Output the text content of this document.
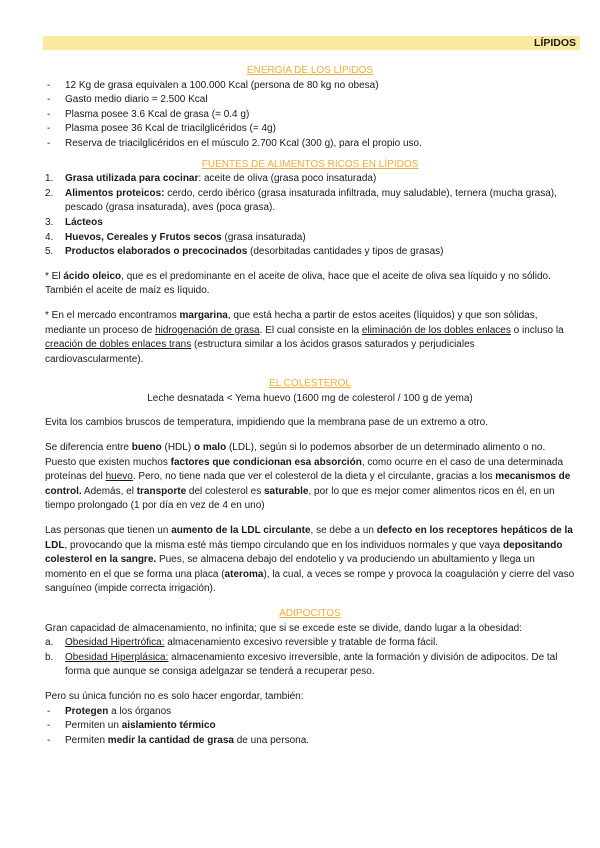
LÍPIDOS

ENERGÍA DE LOS LÍPIDOS

- 12 Kg de grasa equivalen a 100.000 Kcal (persona de 80 kg no obesa)
- Gasto medio diario = 2.500 Kcal
- Plasma posee 3.6 Kcal de grasa (= 0.4 g)
- Plasma posee 36 Kcal de triacilglicéridos (= 4g)
- Reserva de triacilglicéridos en el músculo 2.700 Kcal (300 g), para el propio uso.

FUENTES DE ALIMENTOS RICOS EN LÍPIDOS

1. Grasa utilizada para cocinar: aceite de oliva (grasa poco insaturada)
2. Alimentos proteicos: cerdo, cerdo ibérico (grasa insaturada infiltrada, muy saludable), ternera (mucha grasa), pescado (grasa insaturada), aves (poca grasa).
3. Lácteos
4. Huevos, Cereales y Frutos secos (grasa insaturada)
5. Productos elaborados o precocinados (desorbitadas cantidades y tipos de grasas)

* El ácido oleico, que es el predominante en el aceite de oliva, hace que el aceite de oliva sea líquido y no sólido. También el aceite de maíz es líquido.

* En el mercado encontramos margarina, que está hecha a partir de estos aceites (líquidos) y que son sólidas, mediante un proceso de hidrogenación de grasa. El cual consiste en la eliminación de los dobles enlaces o incluso la creación de dobles enlaces trans (estructura similar a los ácidos grasos saturados y perjudiciales cardiovascularmente).

EL COLESTEROL

Leche desnatada < Yema huevo (1600 mg de colesterol / 100 g de yema)

Evita los cambios bruscos de temperatura, impidiendo que la membrana pase de un extremo a otro.

Se diferencia entre bueno (HDL) o malo (LDL), según si lo podemos absorber de un determinado alimento o no. Puesto que existen muchos factores que condicionan esa absorción, como ocurre en el caso de una determinada proteínas del huevo. Pero, no tiene nada que ver el colesterol de la dieta y el circulante, gracias a los mecanismos de control. Además, el transporte del colesterol es saturable, por lo que es mejor comer alimentos ricos en él, en un tiempo prolongado (1 por día en vez de 4 en uno)

Las personas que tienen un aumento de la LDL circulante, se debe a un defecto en los receptores hepáticos de la LDL, provocando que la misma esté más tiempo circulando que en los individuos normales y que vaya depositando colesterol en la sangre. Pues, se almacena debajo del endotelio y va produciendo un abultamiento y llega un momento en el que se forma una placa (ateroma), la cual, a veces se rompe y provoca la coagulación y cierre del vaso sanguíneo (impide correcta irrigación).

ADIPOCITOS

Gran capacidad de almacenamiento, no infinita; que si se excede este se divide, dando lugar a la obesidad:

a. Obesidad Hipertrófica: almacenamiento excesivo reversible y tratable de forma fácil.
b. Obesidad Hiperplásica: almacenamiento excesivo irreversible, ante la formación y división de adipocitos. De tal forma que aunque se consiga adelgazar se tenderá a recuperar peso.

Pero su única función no es solo hacer engordar, también:

- Protegen a los órganos
- Permiten un aislamiento térmico
- Permiten medir la cantidad de grasa de una persona.
